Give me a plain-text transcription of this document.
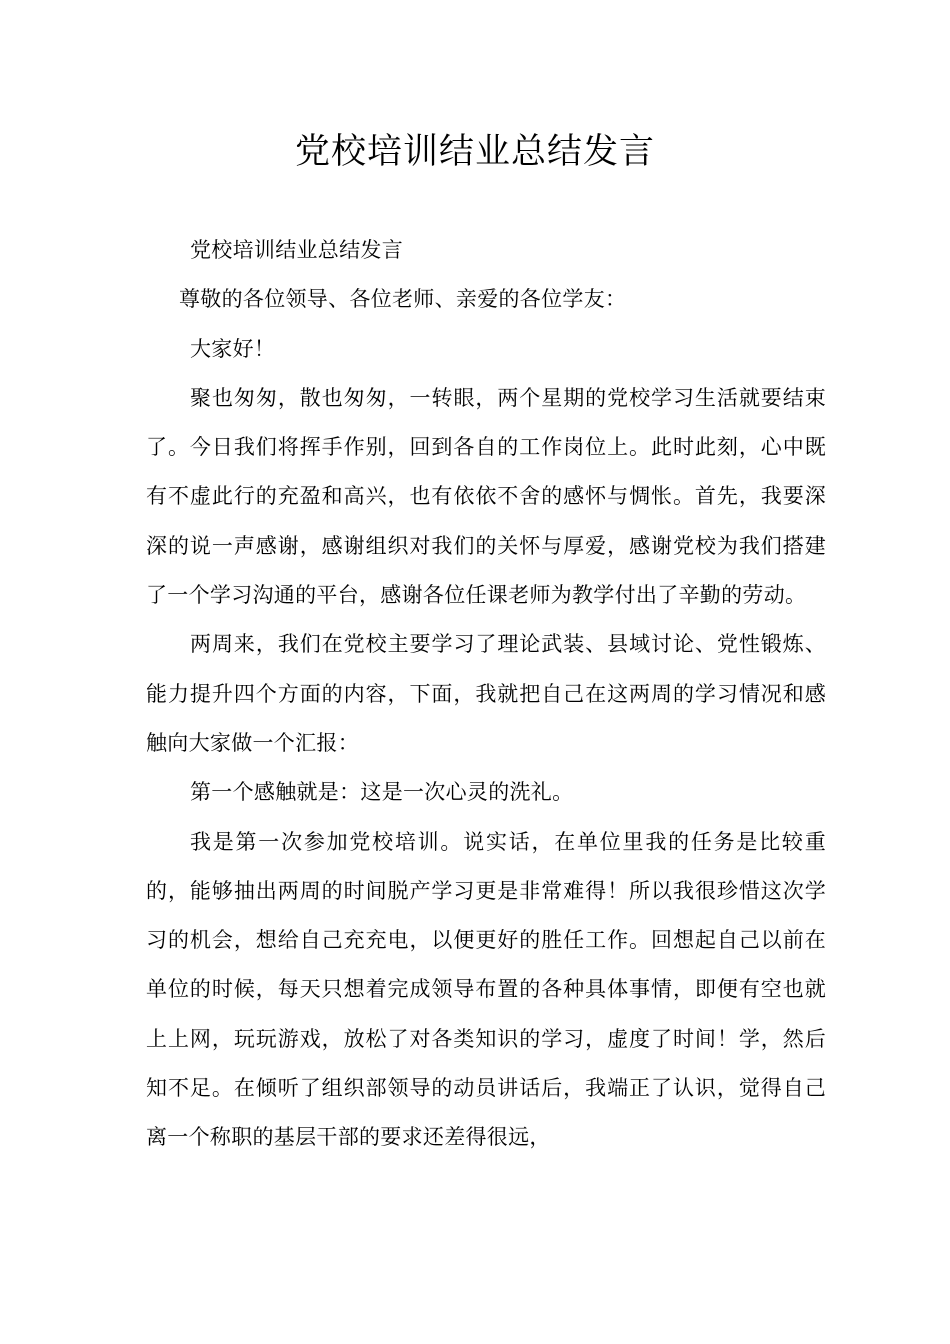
党校培训结业总结发言

党校培训结业总结发言

尊敬的各位领导、各位老师、亲爱的各位学友：

大家好！

聚也匆匆，散也匆匆，一转眼，两个星期的党校学习生活就要结束了。今日我们将挥手作别，回到各自的工作岗位上。此时此刻，心中既有不虚此行的充盈和高兴，也有依依不舍的感怀与惆怅。首先，我要深深的说一声感谢，感谢组织对我们的关怀与厚爱，感谢党校为我们搭建了一个学习沟通的平台，感谢各位任课老师为教学付出了辛勤的劳动。

两周来，我们在党校主要学习了理论武装、县域讨论、党性锻炼、能力提升四个方面的内容，下面，我就把自己在这两周的学习情况和感触向大家做一个汇报：

第一个感触就是：这是一次心灵的洗礼。

我是第一次参加党校培训。说实话，在单位里我的任务是比较重的，能够抽出两周的时间脱产学习更是非常难得！所以我很珍惜这次学习的机会，想给自己充充电，以便更好的胜任工作。回想起自己以前在单位的时候，每天只想着完成领导布置的各种具体事情，即便有空也就上上网，玩玩游戏，放松了对各类知识的学习，虚度了时间！学，然后知不足。在倾听了组织部领导的动员讲话后，我端正了认识，觉得自己离一个称职的基层干部的要求还差得很远，
